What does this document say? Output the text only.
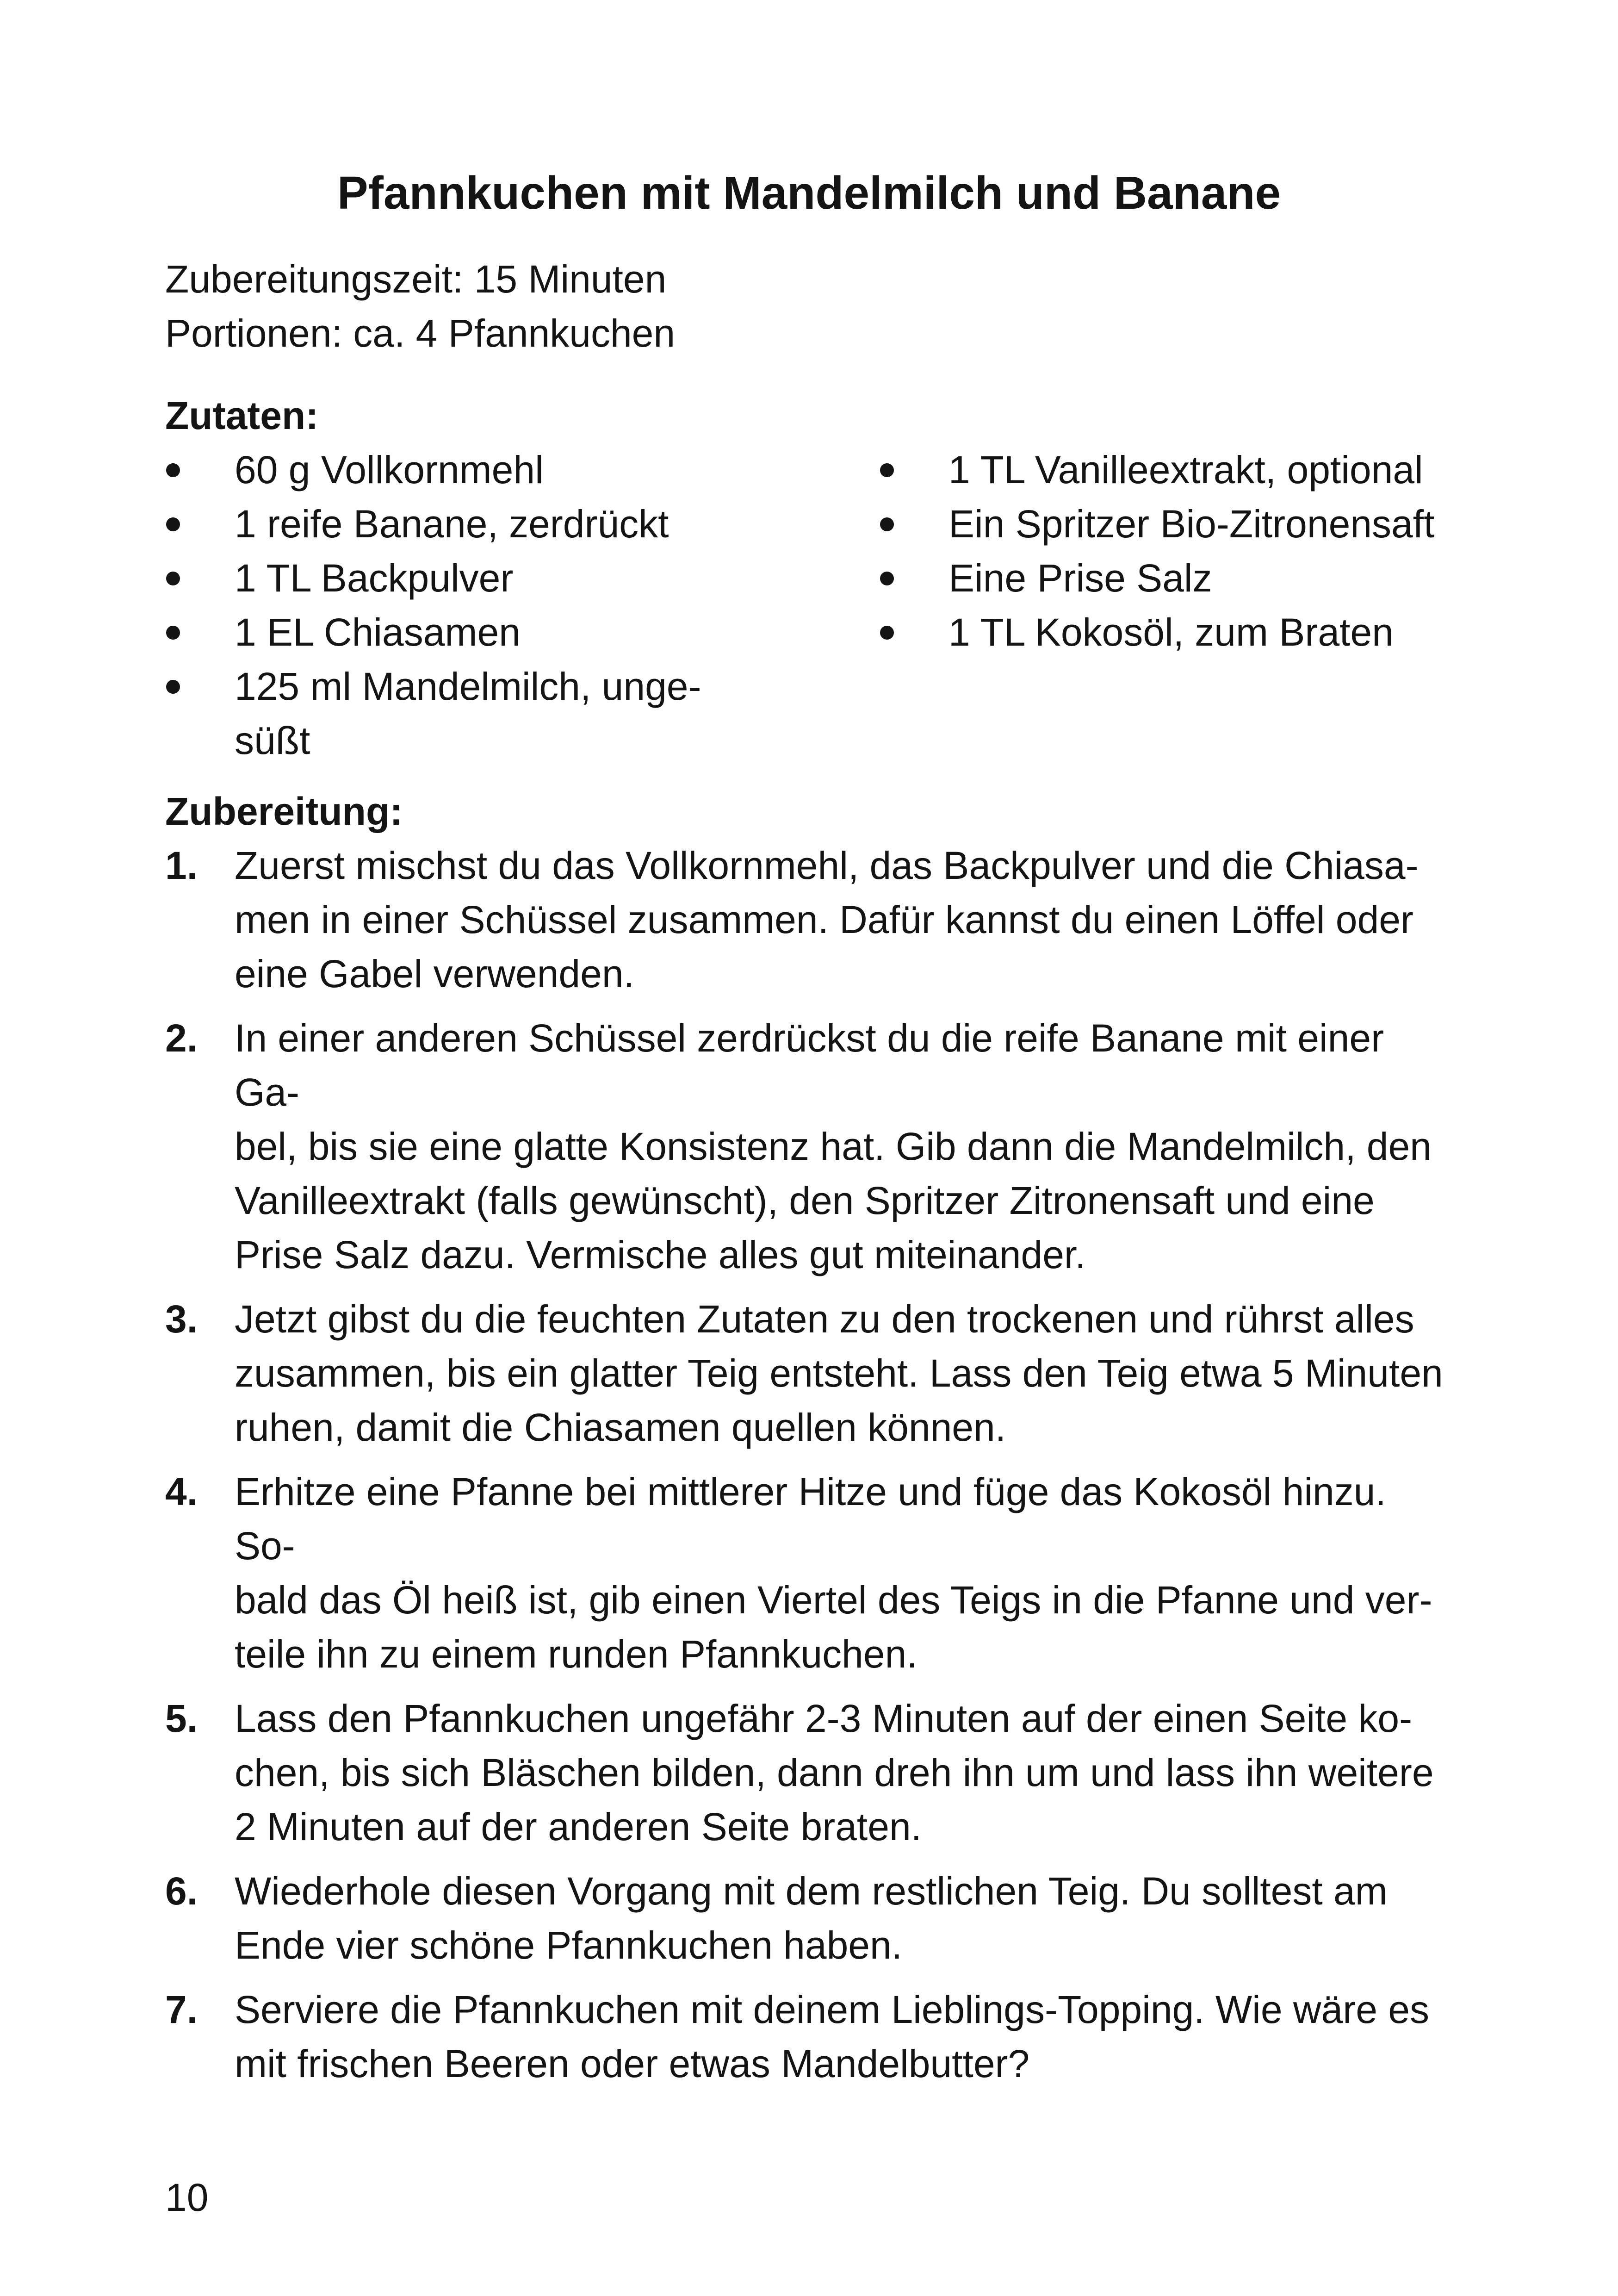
Pfannkuchen mit Mandelmilch und Banane
Zubereitungszeit: 15 Minuten
Portionen: ca. 4 Pfannkuchen
Zutaten:
60 g Vollkornmehl
1 reife Banane, zerdrückt
1 TL Backpulver
1 EL Chiasamen
125 ml Mandelmilch, unge-
süßt
1 TL Vanilleextrakt, optional
Ein Spritzer Bio-Zitronensaft
Eine Prise Salz
1 TL Kokosöl, zum Braten
Zubereitung:
1. Zuerst mischst du das Vollkornmehl, das Backpulver und die Chiasa-
men in einer Schüssel zusammen. Dafür kannst du einen Löffel oder
eine Gabel verwenden.
2. In einer anderen Schüssel zerdrückst du die reife Banane mit einer Ga-
bel, bis sie eine glatte Konsistenz hat. Gib dann die Mandelmilch, den
Vanilleextrakt (falls gewünscht), den Spritzer Zitronensaft und eine
Prise Salz dazu. Vermische alles gut miteinander.
3. Jetzt gibst du die feuchten Zutaten zu den trockenen und rührst alles
zusammen, bis ein glatter Teig entsteht. Lass den Teig etwa 5 Minuten
ruhen, damit die Chiasamen quellen können.
4. Erhitze eine Pfanne bei mittlerer Hitze und füge das Kokosöl hinzu. So-
bald das Öl heiß ist, gib einen Viertel des Teigs in die Pfanne und ver-
teile ihn zu einem runden Pfannkuchen.
5. Lass den Pfannkuchen ungefähr 2-3 Minuten auf der einen Seite ko-
chen, bis sich Bläschen bilden, dann dreh ihn um und lass ihn weitere
2 Minuten auf der anderen Seite braten.
6. Wiederhole diesen Vorgang mit dem restlichen Teig. Du solltest am
Ende vier schöne Pfannkuchen haben.
7. Serviere die Pfannkuchen mit deinem Lieblings-Topping. Wie wäre es
mit frischen Beeren oder etwas Mandelbutter?
10
